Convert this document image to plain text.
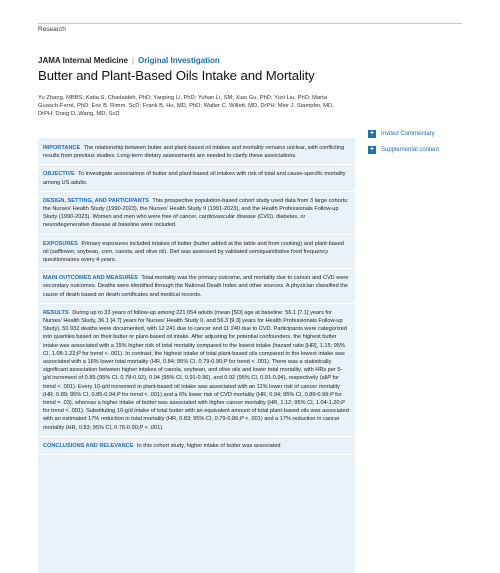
Research
JAMA Internal Medicine | Original Investigation
Butter and Plant-Based Oils Intake and Mortality
Yu Zhang, MBBS; Katia S. Chadaideh, PhD; Yanping Li, PhD; Yuhan Li, SM; Xiao Gu, PhD; Yuxi Liu, PhD; Marta Guasch-Ferré, PhD; Eric B. Rimm, ScD; Frank B. Hu, MD, PhD; Walter C. Willett, MD, DrPH; Meir J. Stampfer, MD, DrPH; Dong D. Wang, MD, ScD
+	Invited Commentary
+	Supplemental content
IMPORTANCE The relationship between butter and plant-based oil intakes and mortality remains unclear, with conflicting results from previous studies. Long-term dietary assessments are needed to clarify these associations.
OBJECTIVE To investigate associations of butter and plant-based oil intakes with risk of total and cause-specific mortality among US adults.
DESIGN, SETTING, AND PARTICIPANTS This prospective population-based cohort study used data from 3 large cohorts: the Nurses' Health Study (1990-2023), the Nurses' Health Study II (1991-2023), and the Health Professionals Follow-up Study (1990-2023). Women and men who were free of cancer, cardiovascular disease (CVD), diabetes, or neurodegenerative disease at baseline were included.
EXPOSURES Primary exposures included intakes of butter (butter added at the table and from cooking) and plant-based oil (safflower, soybean, corn, canola, and olive oil). Diet was assessed by validated semiquantitative food frequency questionnaires every 4 years.
MAIN OUTCOMES AND MEASURES Total mortality was the primary outcome, and mortality due to cancer and CVD were secondary outcomes. Deaths were identified through the National Death Index and other sources. A physician classified the cause of death based on death certificates and medical records.
RESULTS During up to 33 years of follow-up among 221 054 adults (mean [SD] age at baseline: 56.1 [7.1] years for Nurses' Health Study, 36.1 [4.7] years for Nurses' Health Study II, and 56.3 [9.3] years for Health Professionals Follow-up Study), 50 932 deaths were documented, with 12 241 due to cancer and 11 240 due to CVD. Participants were categorized into quartiles based on their butter or plant-based oil intake. After adjusting for potential confounders, the highest butter intake was associated with a 15% higher risk of total mortality compared to the lowest intake (hazard ratio [HR], 1.15; 95% CI, 1.08-1.22;P for trend < .001). In contrast, the highest intake of total plant-based oils compared to the lowest intake was associated with a 16% lower total mortality (HR, 0.84; 95% CI, 0.79-0.90;P for trend < .001). There was a statistically significant association between higher intakes of canola, soybean, and olive oils and lower total mortality, with HRs per 5-g/d increment of 0.85 (95% CI, 0.78-0.92), 0.94 (95% CI, 0.91-0.96), and 0.92 (95% CI, 0.91-0.94), respectively (allP for trend < .001). Every 10-g/d increment in plant-based oil intake was associated with an 11% lower risk of cancer mortality (HR, 0.89; 95% CI, 0.85-0.94;P for trend < .001) and a 6% lower risk of CVD mortality (HR, 0.94; 95% CI, 0.89-0.99;P for trend = .03), whereas a higher intake of butter was associated with higher cancer mortality (HR, 1.12; 95% CI, 1.04-1.20;P for trend < .001). Substituting 10-g/d intake of total butter with an equivalent amount of total plant-based oils was associated with an estimated 17% reduction in total mortality (HR, 0.83; 95% CI, 0.79-0.86;P < .001) and a 17% reduction in cancer mortality (HR, 0.83; 95% CI, 0.76-0.90;P < .001).
CONCLUSIONS AND RELEVANCE In this cohort study, higher intake of butter was associated
